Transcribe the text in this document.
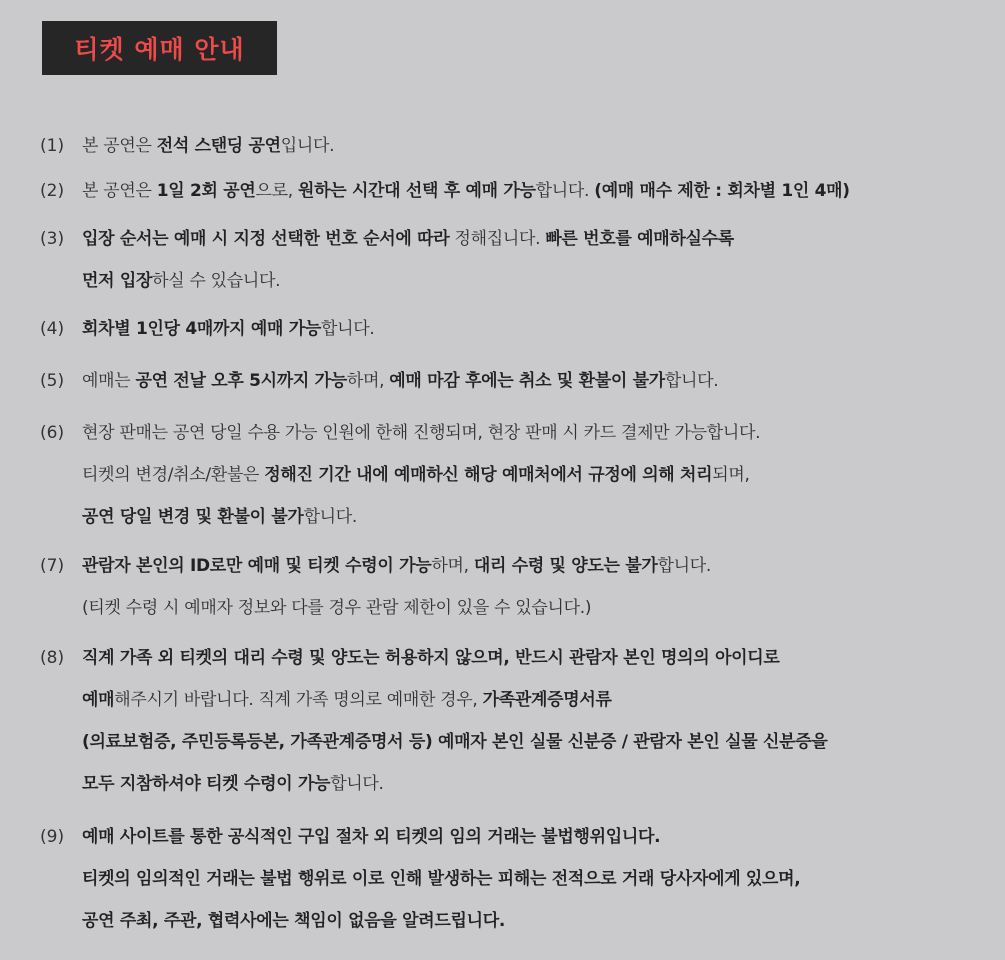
티켓 예매 안내
(1)	본 공연은 전석 스탠딩 공연입니다.
(2)	본 공연은 1일 2회 공연으로, 원하는 시간대 선택 후 예매 가능합니다. (예매 매수 제한 : 회차별 1인 4매)
(3)	입장 순서는 예매 시 지정 선택한 번호 순서에 따라 정해집니다. 빠른 번호를 예매하실수록
먼저 입장하실 수 있습니다.
(4)	회차별 1인당 4매까지 예매 가능합니다.
(5)	예매는 공연 전날 오후 5시까지 가능하며, 예매 마감 후에는 취소 및 환불이 불가합니다.
(6)	현장 판매는 공연 당일 수용 가능 인원에 한해 진행되며, 현장 판매 시 카드 결제만 가능합니다.
티켓의 변경/취소/환불은 정해진 기간 내에 예매하신 해당 예매처에서 규정에 의해 처리되며,
공연 당일 변경 및 환불이 불가합니다.
(7)	관람자 본인의 ID로만 예매 및 티켓 수령이 가능하며, 대리 수령 및 양도는 불가합니다.
(티켓 수령 시 예매자 정보와 다를 경우 관람 제한이 있을 수 있습니다.)
(8)	직계 가족 외 티켓의 대리 수령 및 양도는 허용하지 않으며, 반드시 관람자 본인 명의의 아이디로
예매해주시기 바랍니다. 직계 가족 명의로 예매한 경우, 가족관계증명서류
(의료보험증, 주민등록등본, 가족관계증명서 등) 예매자 본인 실물 신분증 / 관람자 본인 실물 신분증을
모두 지참하셔야 티켓 수령이 가능합니다.
(9)	예매 사이트를 통한 공식적인 구입 절차 외 티켓의 임의 거래는 불법행위입니다.
티켓의 임의적인 거래는 불법 행위로 이로 인해 발생하는 피해는 전적으로 거래 당사자에게 있으며,
공연 주최, 주관, 협력사에는 책임이 없음을 알려드립니다.
